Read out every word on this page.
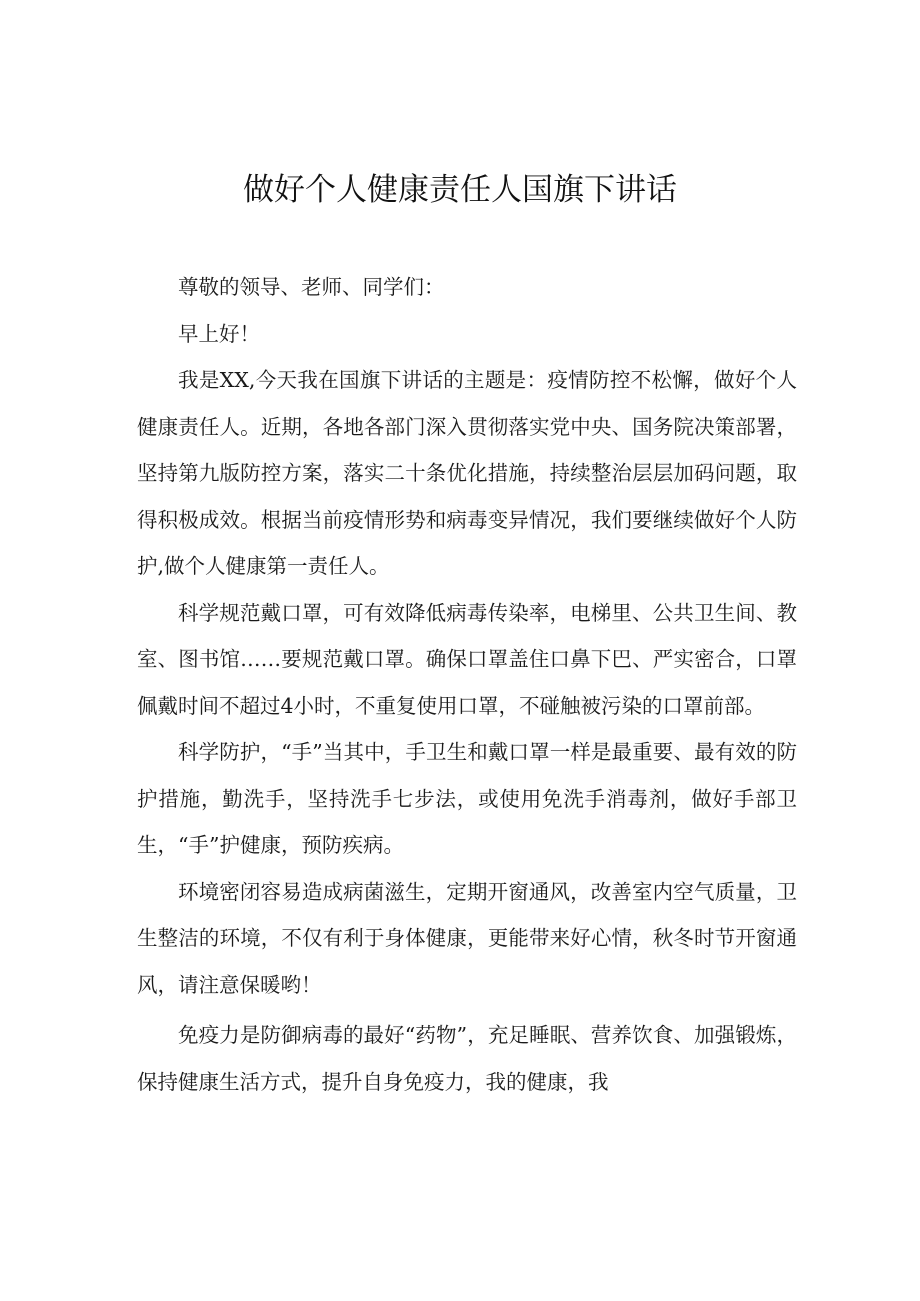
做好个人健康责任人国旗下讲话

尊敬的领导、老师、同学们：

早上好！

我是XX,今天我在国旗下讲话的主题是：疫情防控不松懈，做好个人健康责任人。近期，各地各部门深入贯彻落实党中央、国务院决策部署，坚持第九版防控方案，落实二十条优化措施，持续整治层层加码问题，取得积极成效。根据当前疫情形势和病毒变异情况，我们要继续做好个人防护,做个人健康第一责任人。

科学规范戴口罩，可有效降低病毒传染率，电梯里、公共卫生间、教室、图书馆……要规范戴口罩。确保口罩盖住口鼻下巴、严实密合，口罩佩戴时间不超过4小时，不重复使用口罩，不碰触被污染的口罩前部。

科学防护，“手”当其中，手卫生和戴口罩一样是最重要、最有效的防护措施，勤洗手，坚持洗手七步法，或使用免洗手消毒剂，做好手部卫生，“手”护健康，预防疾病。

环境密闭容易造成病菌滋生，定期开窗通风，改善室内空气质量，卫生整洁的环境，不仅有利于身体健康，更能带来好心情，秋冬时节开窗通风，请注意保暖哟！

免疫力是防御病毒的最好“药物”，充足睡眠、营养饮食、加强锻炼，保持健康生活方式，提升自身免疫力，我的健康，我
